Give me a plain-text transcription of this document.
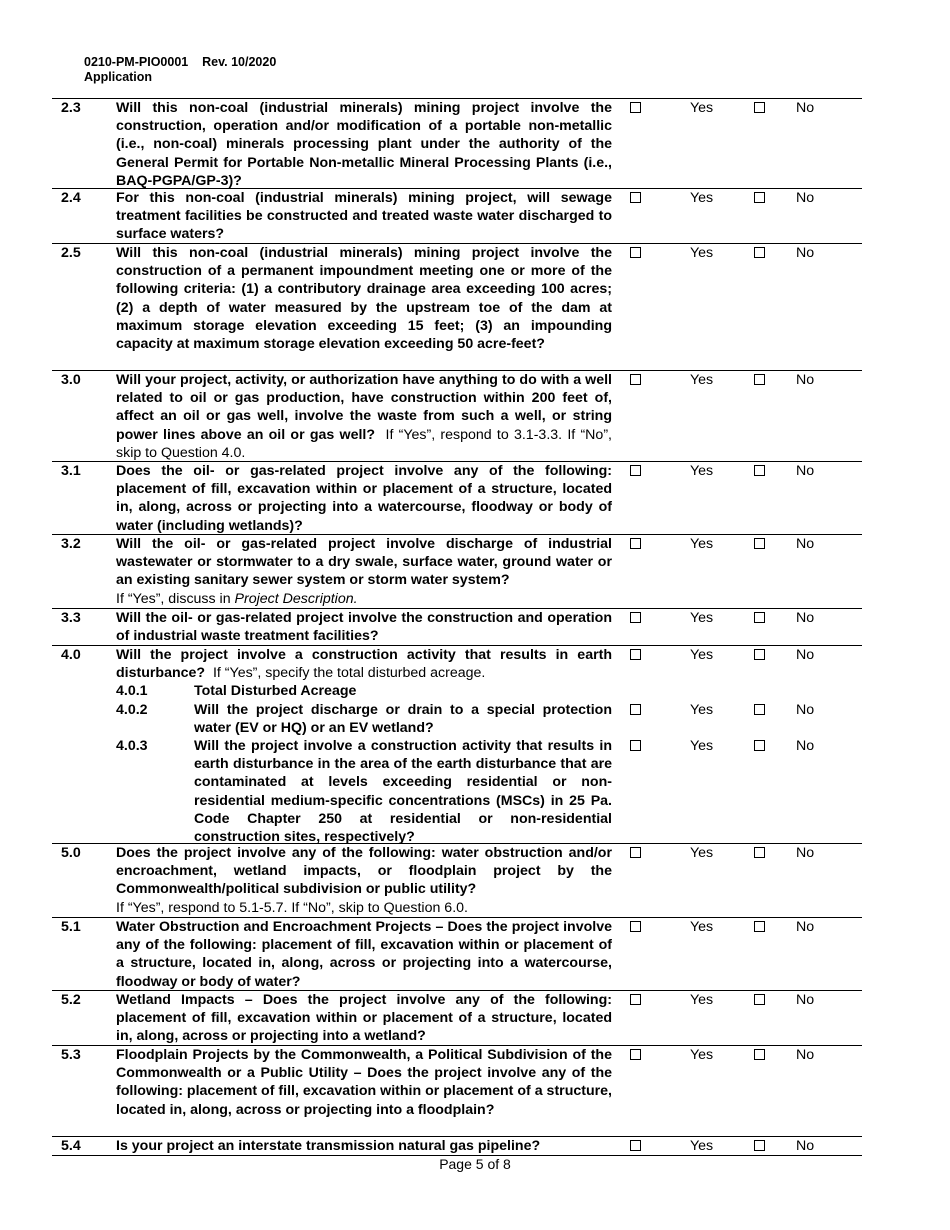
0210-PM-PIO0001 Rev. 10/2020
Application
2.3 Will this non-coal (industrial minerals) mining project involve the construction, operation and/or modification of a portable non-metallic (i.e., non-coal) minerals processing plant under the authority of the General Permit for Portable Non-metallic Mineral Processing Plants (i.e., BAQ-PGPA/GP-3)?
Yes	No
2.4 For this non-coal (industrial minerals) mining project, will sewage treatment facilities be constructed and treated waste water discharged to surface waters?
Yes	No
2.5 Will this non-coal (industrial minerals) mining project involve the construction of a permanent impoundment meeting one or more of the following criteria: (1) a contributory drainage area exceeding 100 acres; (2) a depth of water measured by the upstream toe of the dam at maximum storage elevation exceeding 15 feet; (3) an impounding capacity at maximum storage elevation exceeding 50 acre-feet?
Yes	No
3.0 Will your project, activity, or authorization have anything to do with a well related to oil or gas production, have construction within 200 feet of, affect an oil or gas well, involve the waste from such a well, or string power lines above an oil or gas well? If “Yes”, respond to 3.1-3.3. If “No”, skip to Question 4.0.
Yes	No
3.1 Does the oil- or gas-related project involve any of the following: placement of fill, excavation within or placement of a structure, located in, along, across or projecting into a watercourse, floodway or body of water (including wetlands)?
Yes	No
3.2 Will the oil- or gas-related project involve discharge of industrial wastewater or stormwater to a dry swale, surface water, ground water or an existing sanitary sewer system or storm water system?
If “Yes”, discuss in Project Description.
Yes	No
3.3 Will the oil- or gas-related project involve the construction and operation of industrial waste treatment facilities?
Yes	No
4.0 Will the project involve a construction activity that results in earth disturbance? If “Yes”, specify the total disturbed acreage.
Yes	No
4.0.1	Total Disturbed Acreage
4.0.2	Will the project discharge or drain to a special protection water (EV or HQ) or an EV wetland?
Yes	No
4.0.3	Will the project involve a construction activity that results in earth disturbance in the area of the earth disturbance that are contaminated at levels exceeding residential or non-residential medium-specific concentrations (MSCs) in 25 Pa. Code Chapter 250 at residential or non-residential construction sites, respectively?
Yes	No
5.0 Does the project involve any of the following: water obstruction and/or encroachment, wetland impacts, or floodplain project by the Commonwealth/political subdivision or public utility?
If “Yes”, respond to 5.1-5.7. If “No”, skip to Question 6.0.
Yes	No
5.1 Water Obstruction and Encroachment Projects – Does the project involve any of the following: placement of fill, excavation within or placement of a structure, located in, along, across or projecting into a watercourse, floodway or body of water?
Yes	No
5.2 Wetland Impacts – Does the project involve any of the following: placement of fill, excavation within or placement of a structure, located in, along, across or projecting into a wetland?
Yes	No
5.3 Floodplain Projects by the Commonwealth, a Political Subdivision of the Commonwealth or a Public Utility – Does the project involve any of the following: placement of fill, excavation within or placement of a structure, located in, along, across or projecting into a floodplain?
Yes	No
5.4 Is your project an interstate transmission natural gas pipeline?	Yes	No
Page 5 of 8
